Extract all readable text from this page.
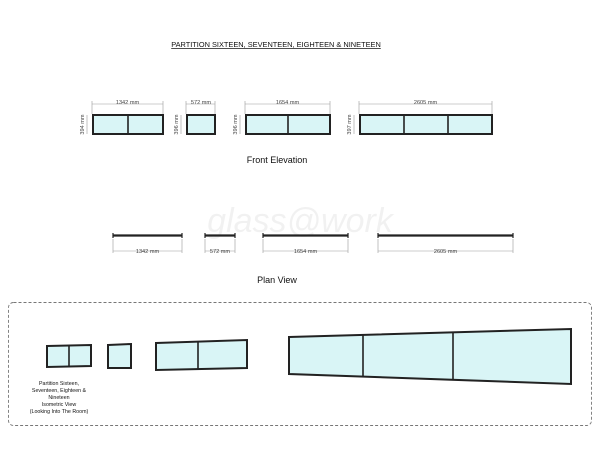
PARTITION SIXTEEN, SEVENTEEN, EIGHTEEN & NINETEEN
glass@work
1342 mm
394 mm
572 mm
396 mm
1654 mm
396 mm
2605 mm
397 mm
Front Elevation
1342 mm	572 mm	1654 mm	2605 mm
Plan View
Partition Sixteen,
Seventeen, Eighteen &
Nineteen
Isometric View
(Looking Into The Room)
